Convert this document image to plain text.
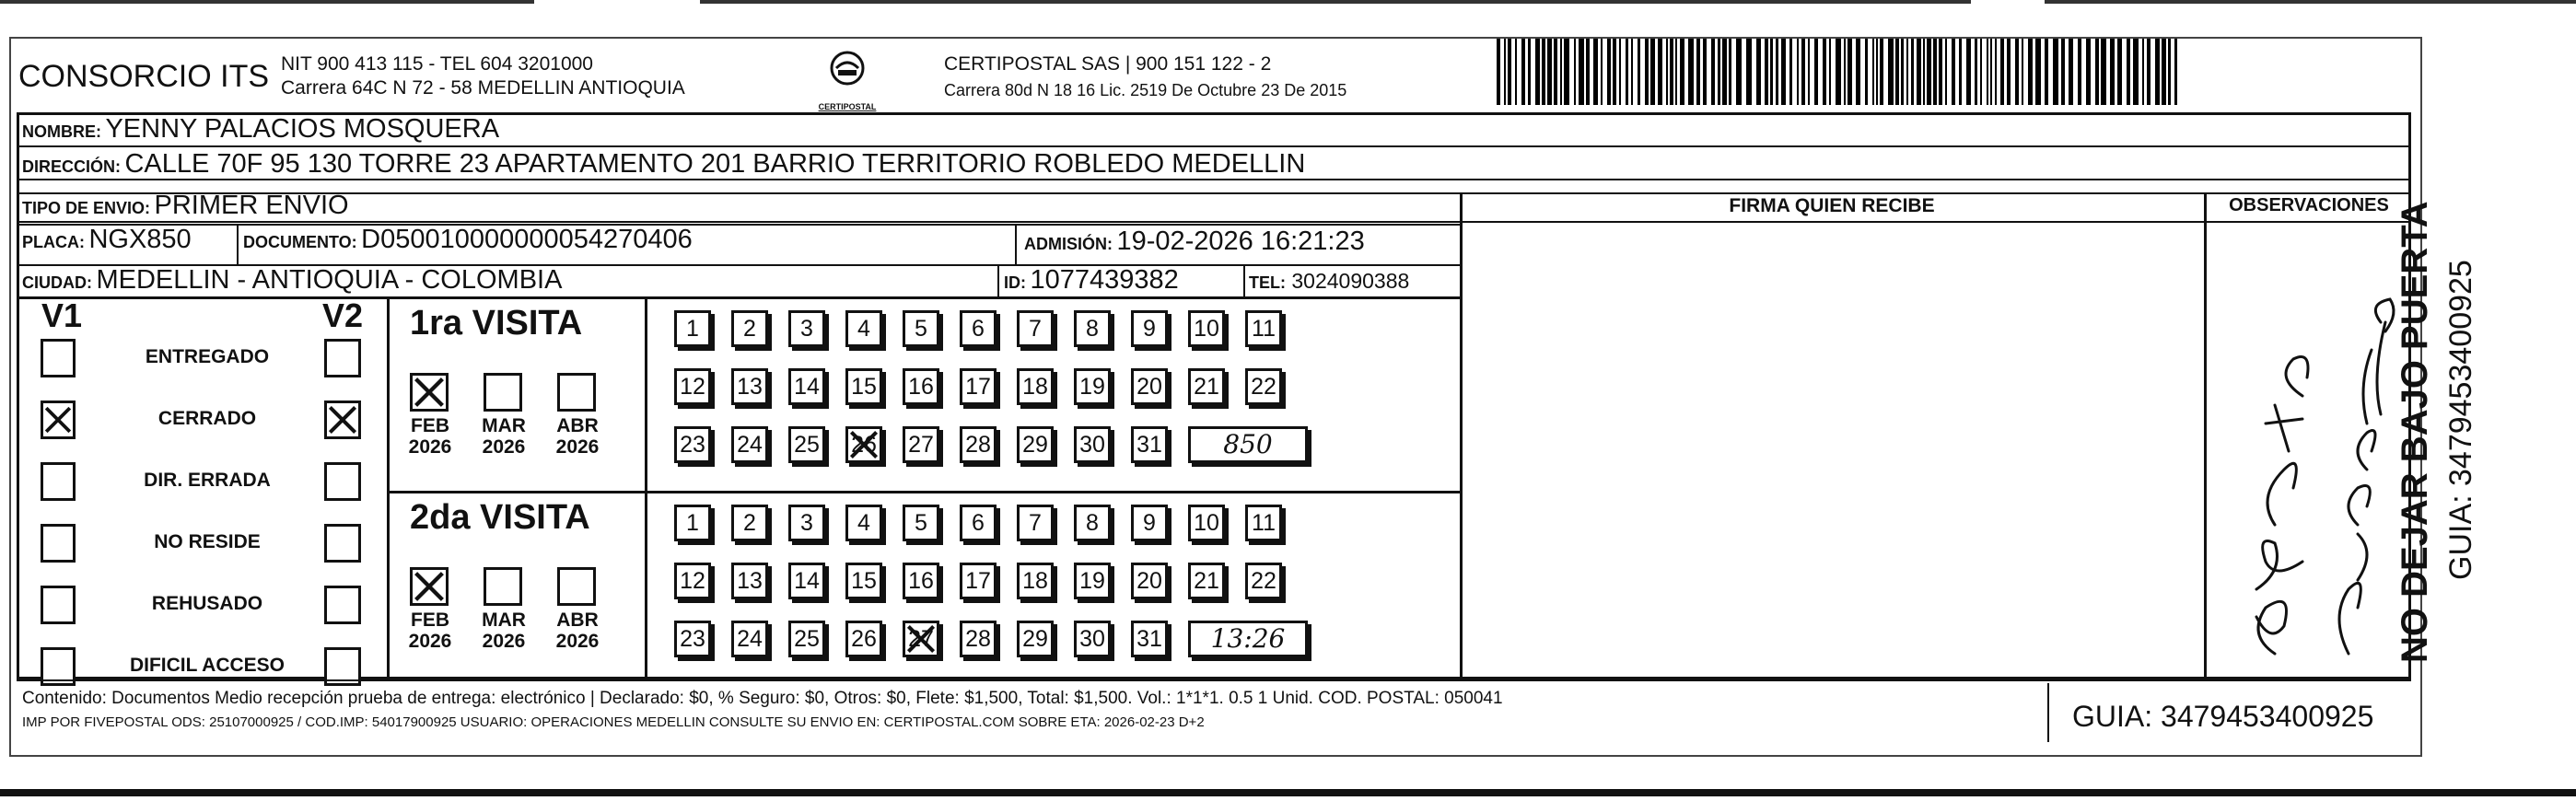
CONSORCIO ITS NIT 900 413 115 - TEL 604 3201000
Carrera 64C N 72 - 58 MEDELLIN ANTIOQUIA
CERTIPOSTAL
CERTIPOSTAL SAS | 900 151 122 - 2
Carrera 80d N 18 16 Lic. 2519 De Octubre 23 De 2015
NOMBRE: YENNY PALACIOS MOSQUERA
DIRECCIÓN: CALLE 70F 95 130 TORRE 23 APARTAMENTO 201 BARRIO TERRITORIO ROBLEDO MEDELLIN
TIPO DE ENVIO: PRIMER ENVIO	FIRMA QUIEN RECIBE	OBSERVACIONES
PLACA: NGX850	DOCUMENTO: D050010000000054270406	ADMISIÓN: 19-02-2026 16:21:23
CIUDAD: MEDELLIN - ANTIOQUIA - COLOMBIA	ID: 1077439382	TEL: 3024090388
V1	V2
ENTREGADO
CERRADO
DIR. ERRADA
NO RESIDE
REHUSADO
DIFICIL ACCESO
1ra VISITA
FEB
2026
MAR
2026
ABR
2026
1	2	3	4	5	6	7	8	9	10 11
12 13 14 15 16 17 18 19 20 21 22
23 24 25 26 27 28 29 30 31	850
2da VISITA
FEB
2026
MAR
2026
ABR
2026
1	2	3	4	5	6	7	8	9	10 11
12 13 14 15 16 17 18 19 20 21 22
23 24 25 26 27 28 29 30 31	13:26	NO DEJAR BAJO PUERTA GUIA: 3479453400925
Contenido: Documentos Medio recepción prueba de entrega: electrónico | Declarado: $0, % Seguro: $0, Otros: $0, Flete: $1,500, Total: $1,500. Vol.: 1*1*1. 0.5 1 Unid. COD. POSTAL: 050041
IMP POR FIVEPOSTAL ODS: 25107000925 / COD.IMP: 54017900925 USUARIO: OPERACIONES MEDELLIN CONSULTE SU ENVIO EN: CERTIPOSTAL.COM SOBRE ETA: 2026-02-23 D+2	GUIA: 3479453400925
